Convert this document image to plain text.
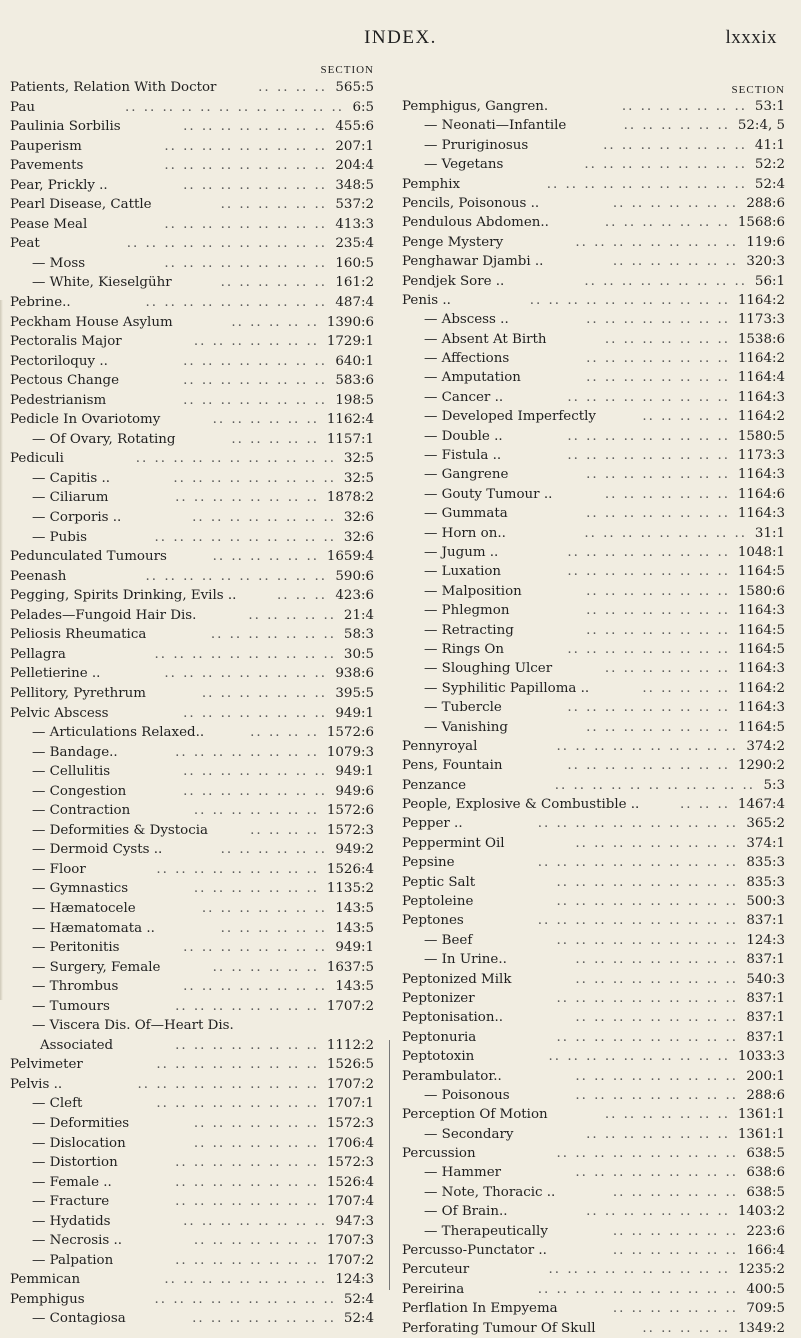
INDEX.	lxxxix
SECTION
Patients, Relation With Doctor	565:5
.. .. .. ..
Pau	6:5
.. .. .. .. .. .. .. .. .. .. .. ..
Paulinia Sorbilis	455:6
.. .. .. .. .. .. .. ..
Pauperism	207:1
.. .. .. .. .. .. .. .. ..
Pavements	204:4
.. .. .. .. .. .. .. .. ..
Pear, Prickly ..	348:5
.. .. .. .. .. .. .. ..
Pearl Disease, Cattle	537:2
.. .. .. .. .. ..
Pease Meal	413:3
.. .. .. .. .. .. .. .. ..
Peat	235:4
.. .. .. .. .. .. .. .. .. .. ..
— Moss	160:5
.. .. .. .. .. .. .. .. ..
— White, Kieselgühr	161:2
.. .. .. .. .. ..
Pebrine..	487:4
.. .. .. .. .. .. .. .. .. ..
Peckham House Asylum	1390:6
.. .. .. .. ..
Pectoralis Major	1729:1
.. .. .. .. .. .. ..
Pectoriloquy ..	640:1
.. .. .. .. .. .. .. ..
Pectous Change	583:6
.. .. .. .. .. .. .. ..
Pedestrianism	198:5
.. .. .. .. .. .. .. ..
Pedicle In Ovariotomy	1162:4
.. .. .. .. .. ..
— Of Ovary, Rotating	1157:1
.. .. .. .. ..
Pediculi	32:5
.. .. .. .. .. .. .. .. .. .. ..
— Capitis ..	32:5
.. .. .. .. .. .. .. .. ..
— Ciliarum	1878:2
.. .. .. .. .. .. .. ..
— Corporis ..	32:6
.. .. .. .. .. .. .. ..
— Pubis	32:6
.. .. .. .. .. .. .. .. .. ..
Pedunculated Tumours	1659:4
.. .. .. .. .. ..
Peenash	590:6
.. .. .. .. .. .. .. .. .. ..
Pegging, Spirits Drinking, Evils ..	423:6
.. .. ..
Pelades—Fungoid Hair Dis.	21:4
.. .. .. .. ..
Peliosis Rheumatica	58:3
.. .. .. .. .. .. ..
Pellagra	30:5
.. .. .. .. .. .. .. .. .. ..
Pelletierine ..	938:6
.. .. .. .. .. .. .. .. ..
Pellitory, Pyrethrum	395:5
.. .. .. .. .. .. ..
Pelvic Abscess	949:1
.. .. .. .. .. .. .. ..
— Articulations Relaxed..	1572:6
.. .. .. ..
— Bandage..	1079:3
.. .. .. .. .. .. .. ..
— Cellulitis	949:1
.. .. .. .. .. .. .. ..
— Congestion	949:6
.. .. .. .. .. .. .. ..
— Contraction	1572:6
.. .. .. .. .. .. ..
— Deformities & Dystocia	1572:3
.. .. .. ..
— Dermoid Cysts ..	949:2
.. .. .. .. .. ..
— Floor	1526:4
.. .. .. .. .. .. .. .. ..
— Gymnastics	1135:2
.. .. .. .. .. .. ..
— Hæmatocele	143:5
.. .. .. .. .. .. ..
— Hæmatomata ..	143:5
.. .. .. .. .. ..
— Peritonitis	949:1
.. .. .. .. .. .. .. ..
— Surgery, Female	1637:5
.. .. .. .. .. ..
— Thrombus	143:5
.. .. .. .. .. .. .. ..
— Tumours	1707:2
.. .. .. .. .. .. .. ..
— Viscera Dis. Of—Heart Dis.
Associated	1112:2
.. .. .. .. .. .. .. ..
Pelvimeter	1526:5
.. .. .. .. .. .. .. .. ..
Pelvis ..	1707:2
.. .. .. .. .. .. .. .. .. ..
— Cleft	1707:1
.. .. .. .. .. .. .. .. ..
— Deformities	1572:3
.. .. .. .. .. .. ..
— Dislocation	1706:4
.. .. .. .. .. .. ..
— Distortion	1572:3
.. .. .. .. .. .. .. ..
— Female ..	1526:4
.. .. .. .. .. .. .. ..
— Fracture	1707:4
.. .. .. .. .. .. .. ..
— Hydatids	947:3
.. .. .. .. .. .. .. ..
— Necrosis ..	1707:3
.. .. .. .. .. .. ..
— Palpation	1707:2
.. .. .. .. .. .. .. ..
Pemmican	124:3
.. .. .. .. .. .. .. .. ..
Pemphigus	52:4
.. .. .. .. .. .. .. .. .. ..
— Contagiosa	52:4
.. .. .. .. .. .. .. ..
SECTION
Pemphigus, Gangren.	53:1
.. .. .. .. .. .. ..
— Neonati—Infantile	52:4, 5
.. .. .. .. .. ..
— Pruriginosus	41:1
.. .. .. .. .. .. .. ..
— Vegetans	52:2
.. .. .. .. .. .. .. .. ..
Pemphix	52:4
.. .. .. .. .. .. .. .. .. .. ..
Pencils, Poisonous ..	288:6
.. .. .. .. .. .. ..
Pendulous Abdomen..	1568:6
.. .. .. .. .. .. ..
Penge Mystery	119:6
.. .. .. .. .. .. .. .. ..
Penghawar Djambi ..	320:3
.. .. .. .. .. .. ..
Pendjek Sore ..	56:1
.. .. .. .. .. .. .. .. ..
Penis ..	1164:2
.. .. .. .. .. .. .. .. .. .. ..
— Abscess ..	1173:3
.. .. .. .. .. .. .. ..
— Absent At Birth	1538:6
.. .. .. .. .. .. ..
— Affections	1164:2
.. .. .. .. .. .. .. ..
— Amputation	1164:4
.. .. .. .. .. .. .. ..
— Cancer ..	1164:3
.. .. .. .. .. .. .. .. ..
— Developed Imperfectly	1164:2
.. .. .. .. ..
— Double ..	1580:5
.. .. .. .. .. .. .. .. ..
— Fistula ..	1173:3
.. .. .. .. .. .. .. .. ..
— Gangrene	1164:3
.. .. .. .. .. .. .. ..
— Gouty Tumour ..	1164:6
.. .. .. .. .. .. ..
— Gummata	1164:3
.. .. .. .. .. .. .. ..
— Horn on..	31:1
.. .. .. .. .. .. .. .. ..
— Jugum ..	1048:1
.. .. .. .. .. .. .. .. ..
— Luxation	1164:5
.. .. .. .. .. .. .. .. ..
— Malposition	1580:6
.. .. .. .. .. .. .. ..
— Phlegmon	1164:3
.. .. .. .. .. .. .. ..
— Retracting	1164:5
.. .. .. .. .. .. .. ..
— Rings On	1164:5
.. .. .. .. .. .. .. .. ..
— Sloughing Ulcer	1164:3
.. .. .. .. .. .. ..
— Syphilitic Papilloma ..	1164:2
.. .. .. .. ..
— Tubercle	1164:3
.. .. .. .. .. .. .. .. ..
— Vanishing	1164:5
.. .. .. .. .. .. .. ..
Pennyroyal	374:2
.. .. .. .. .. .. .. .. .. ..
Pens, Fountain	1290:2
.. .. .. .. .. .. .. .. ..
Penzance	5:3
.. .. .. .. .. .. .. .. .. .. ..
People, Explosive & Combustible ..	1467:4
.. .. ..
Pepper ..	365:2
.. .. .. .. .. .. .. .. .. .. ..
Peppermint Oil	374:1
.. .. .. .. .. .. .. .. ..
Pepsine	835:3
.. .. .. .. .. .. .. .. .. .. ..
Peptic Salt	835:3
.. .. .. .. .. .. .. .. .. ..
Peptoleine	500:3
.. .. .. .. .. .. .. .. .. ..
Peptones	837:1
.. .. .. .. .. .. .. .. .. .. ..
— Beef	124:3
.. .. .. .. .. .. .. .. .. ..
— In Urine..	837:1
.. .. .. .. .. .. .. .. ..
Peptonized Milk	540:3
.. .. .. .. .. .. .. .. ..
Peptonizer	837:1
.. .. .. .. .. .. .. .. .. ..
Peptonisation..	837:1
.. .. .. .. .. .. .. .. ..
Peptonuria	837:1
.. .. .. .. .. .. .. .. .. ..
Peptotoxin	1033:3
.. .. .. .. .. .. .. .. .. ..
Perambulator..	200:1
.. .. .. .. .. .. .. .. ..
— Poisonous	288:6
.. .. .. .. .. .. .. .. ..
Perception Of Motion	1361:1
.. .. .. .. .. .. ..
— Secondary	1361:1
.. .. .. .. .. .. .. ..
Percussion	638:5
.. .. .. .. .. .. .. .. .. ..
— Hammer	638:6
.. .. .. .. .. .. .. .. ..
— Note, Thoracic ..	638:5
.. .. .. .. .. .. ..
— Of Brain..	1403:2
.. .. .. .. .. .. .. ..
— Therapeutically	223:6
.. .. .. .. .. .. ..
Percusso-Punctator ..	166:4
.. .. .. .. .. .. ..
Percuteur	1235:2
.. .. .. .. .. .. .. .. .. ..
Pereirina	400:5
.. .. .. .. .. .. .. .. .. .. ..
Perflation In Empyema	709:5
.. .. .. .. .. .. ..
Perforating Tumour Of Skull	1349:2
.. .. .. .. ..
